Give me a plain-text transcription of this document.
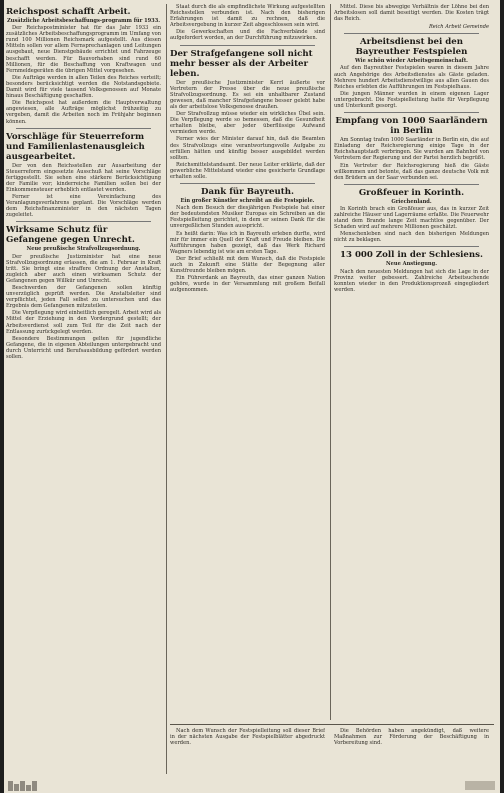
Reichspost schafft Arbeit.
Zusätzliche Arbeitsbeschaffungs-programm für 1933.

Der Reichspostminister hat für das Jahr 1933 ein zusätzliches Arbeitsbeschaffungsprogramm im Umfang von rund 100 Millionen Reichsmark aufgestellt. Aus diesen Mitteln sollen vor allem Fernsprechanlagen und Leitungen ausgebaut, neue Dienstgebäude errichtet und Fahrzeuge beschafft werden. Für Bauvorhaben sind rund 60 Millionen, für die Beschaffung von Kraftwagen und Fernmeldegeräten die übrigen Mittel vorgesehen.

Die Aufträge werden in allen Teilen des Reiches verteilt; besonders berücksichtigt werden die Notstandsgebiete. Damit wird für viele tausend Volksgenossen auf Monate hinaus Beschäftigung geschaffen.

Die Reichspost hat außerdem die Hauptverwaltung angewiesen, alle Aufträge möglichst frühzeitig zu vergeben, damit die Arbeiten noch im Frühjahr beginnen können.

Vorschläge für Steuerreform und Familienlastenausgleich ausgearbeitet.

Der von den Reichsstellen zur Ausarbeitung der Steuerreform eingesetzte Ausschuß hat seine Vorschläge fertiggestellt. Sie sehen eine stärkere Berücksichtigung der Familie vor; kinderreiche Familien sollen bei der Einkommensteuer erheblich entlastet werden.

Ferner ist eine Vereinfachung des Veranlagungsverfahrens geplant. Die Vorschläge werden dem Reichsfinanzminister in den nächsten Tagen zugeleitet.

Wirksame Schutz für Gefangene gegen Unrecht.
Neue preußische Strafvollzugsordnung.

Der preußische Justizminister hat eine neue Strafvollzugsordnung erlassen, die am 1. Februar in Kraft tritt. Sie bringt eine straffere Ordnung der Anstalten, zugleich aber auch einen wirksamen Schutz der Gefangenen gegen Willkür und Unrecht.

Beschwerden der Gefangenen sollen künftig unverzüglich geprüft werden. Die Anstaltsleiter sind verpflichtet, jeden Fall selbst zu untersuchen und das Ergebnis dem Gefangenen mitzuteilen.

Die Verpflegung wird einheitlich geregelt. Arbeit wird als Mittel der Erziehung in den Vordergrund gestellt; der Arbeitsverdienst soll zum Teil für die Zeit nach der Entlassung zurückgelegt werden.

Besondere Bestimmungen gelten für jugendliche Gefangene, die in eigenen Abteilungen untergebracht und durch Unterricht und Berufsausbildung gefördert werden sollen.

Staat durch die als empfindlichste Wirkung aufgestellten Reichsstellen verbunden ist. Nach den bisherigen Erfahrungen ist damit zu rechnen, daß die Arbeitsvergebung in kurzer Zeit abgeschlossen sein wird.

Die Gewerkschaften und die Fachverbände sind aufgefordert worden, an der Durchführung mitzuwirken.

Der Strafgefangene soll nicht mehr besser als der Arbeiter leben.

Der preußische Justizminister Kerrl äußerte vor Vertretern der Presse über die neue preußische Strafvollzugsordnung. Es sei ein unhaltbarer Zustand gewesen, daß mancher Strafgefangene besser gelebt habe als der arbeitslose Volksgenosse draußen.

Der Strafvollzug müsse wieder ein wirkliches Übel sein. Die Verpflegung werde so bemessen, daß die Gesundheit erhalten bleibe, aber jeder überflüssige Aufwand vermieden werde.

Ferner wies der Minister darauf hin, daß die Beamten des Strafvollzugs eine verantwortungsvolle Aufgabe zu erfüllen hätten und künftig besser ausgebildet werden sollten.

Reichsmittelstandsamt. Der neue Leiter erklärte, daß der gewerbliche Mittelstand wieder eine gesicherte Grundlage erhalten solle.

Dank für Bayreuth.
Ein großer Künstler schreibt an die Festspiele.

Nach dem Besuch der diesjährigen Festspiele hat einer der bedeutendsten Musiker Europas ein Schreiben an die Festspielleitung gerichtet, in dem er seinen Dank für die unvergeßlichen Stunden ausspricht.

Es heißt darin: Was ich in Bayreuth erleben durfte, wird mir für immer ein Quell der Kraft und Freude bleiben. Die Aufführungen haben gezeigt, daß das Werk Richard Wagners lebendig ist wie am ersten Tage.

Der Brief schließt mit dem Wunsch, daß die Festspiele auch in Zukunft eine Stätte der Begegnung aller Kunstfreunde bleiben mögen.

Ein Führerdank an Bayreuth, das einer ganzen Nation gehöre, wurde in der Versammlung mit großem Beifall aufgenommen.

Mittel. Diese bis abwegige Verhältnis der Löhne bei den Arbeitslosen soll damit beseitigt werden. Die Kosten trägt das Reich.

Reich Arbeit Gemeinde
Arbeitsdienst bei den Bayreuther Festspielen
Wie schön wieder Arbeitsgemeinschaft.

Auf den Bayreuther Festspielen waren in diesem Jahre auch Angehörige des Arbeitsdienstes als Gäste geladen. Mehrere hundert Arbeitsdienstwillige aus allen Gauen des Reiches erlebten die Aufführungen im Festspielhaus.

Die jungen Männer wurden in einem eigenen Lager untergebracht. Die Festspielleitung hatte für Verpflegung und Unterkunft gesorgt.

Empfang von 1000 Saarländern in Berlin

Am Sonntag trafen 1000 Saarländer in Berlin ein, die auf Einladung der Reichsregierung einige Tage in der Reichshauptstadt verbringen. Sie wurden am Bahnhof von Vertretern der Regierung und der Partei herzlich begrüßt.

Ein Vertreter der Reichsregierung hieß die Gäste willkommen und betonte, daß das ganze deutsche Volk mit den Brüdern an der Saar verbunden sei.

Großfeuer in Korinth.
Griechenland.

In Korinth brach ein Großfeuer aus, das in kurzer Zeit zahlreiche Häuser und Lagerräume erfaßte. Die Feuerwehr stand dem Brande lange Zeit machtlos gegenüber. Der Schaden wird auf mehrere Millionen geschätzt.

Menschenleben sind nach den bisherigen Meldungen nicht zu beklagen.

13 000 Zoll in der Schlesiens.
Neue Anstiegung.

Nach den neuesten Meldungen hat sich die Lage in der Provinz weiter gebessert. Zahlreiche Arbeitsuchende konnten wieder in den Produktionsprozeß eingegliedert werden.

Nach dem Wunsch der Festspielleitung soll dieser Brief in der nächsten Ausgabe der Festspielblätter abgedruckt werden.

Die Behörden haben angekündigt, daß weitere Maßnahmen zur Förderung der Beschäftigung in Vorbereitung sind.
